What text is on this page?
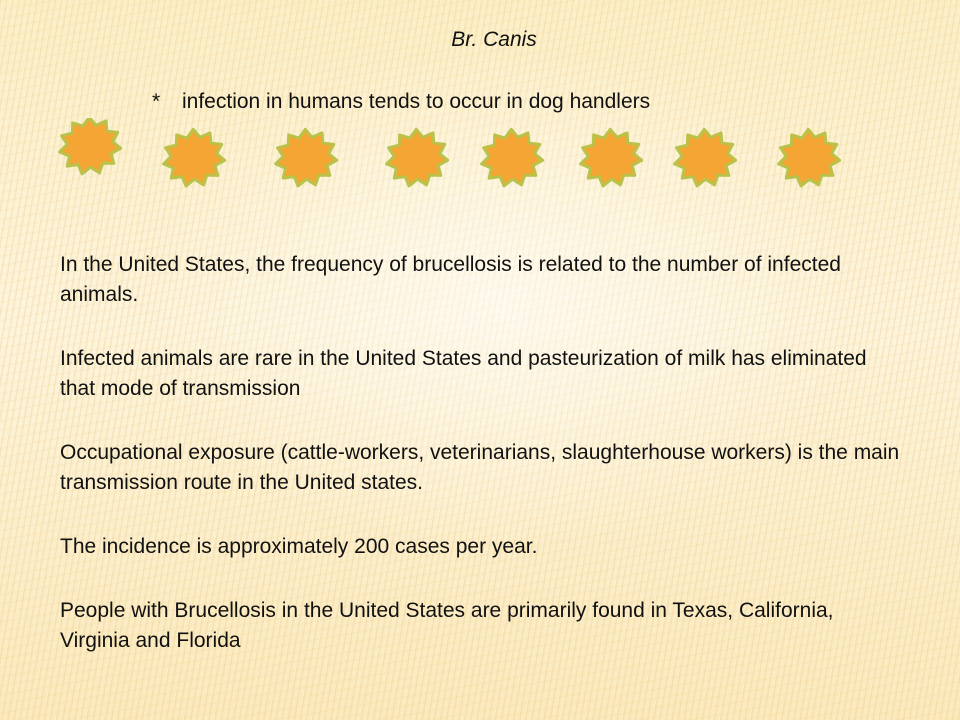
Br. Canis
* infection in humans tends to occur in dog handlers

In the United States, the frequency of brucellosis is related to the number of infected animals.

Infected animals are rare in the United States and pasteurization of milk has eliminated that mode of transmission

Occupational exposure (cattle-workers, veterinarians, slaughterhouse workers) is the main transmission route in the United states.

The incidence is approximately 200 cases per year.

People with Brucellosis in the United States are primarily found in Texas, California, Virginia and Florida
